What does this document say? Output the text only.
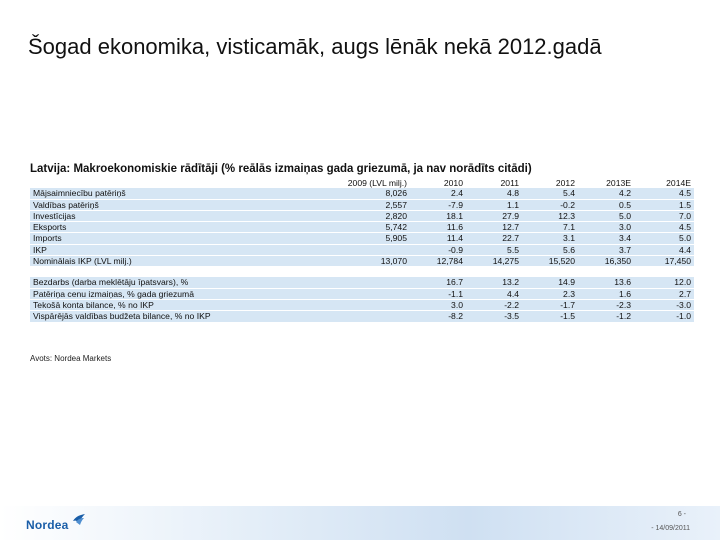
Šogad ekonomika, visticamāk, augs lēnāk nekā 2012.gadā
Latvija: Makroekonomiskie rādītāji (% reālās izmaiņas gada griezumā, ja nav norādīts citādi)
	2009 (LVL milj.)	2010	2011	2012	2013E	2014E
Mājsaimniecību patēriņš	8,026	2.4	4.8	5.4	4.2	4.5
Valdības patēriņš	2,557	-7.9	1.1	-0.2	0.5	1.5
Investīcijas	2,820	18.1	27.9	12.3	5.0	7.0
Eksports	5,742	11.6	12.7	7.1	3.0	4.5
Imports	5,905	11.4	22.7	3.1	3.4	5.0
IKP		-0.9	5.5	5.6	3.7	4.4
Nominālais IKP (LVL milj.)	13,070	12,784	14,275	15,520	16,350	17,450

Bezdarbs (darba meklētāju īpatsvars), %		16.7	13.2	14.9	13.6	12.0
Patēriņa cenu izmaiņas, % gada griezumā		-1.1	4.4	2.3	1.6	2.7
Tekošā konta bilance, % no IKP		3.0	-2.2	-1.7	-2.3	-3.0
Vispārējās valdības budžeta bilance, % no IKP		-8.2	-3.5	-1.5	-1.2	-1.0
Avots: Nordea Markets
Nordea
6 -
- 14/09/2011
